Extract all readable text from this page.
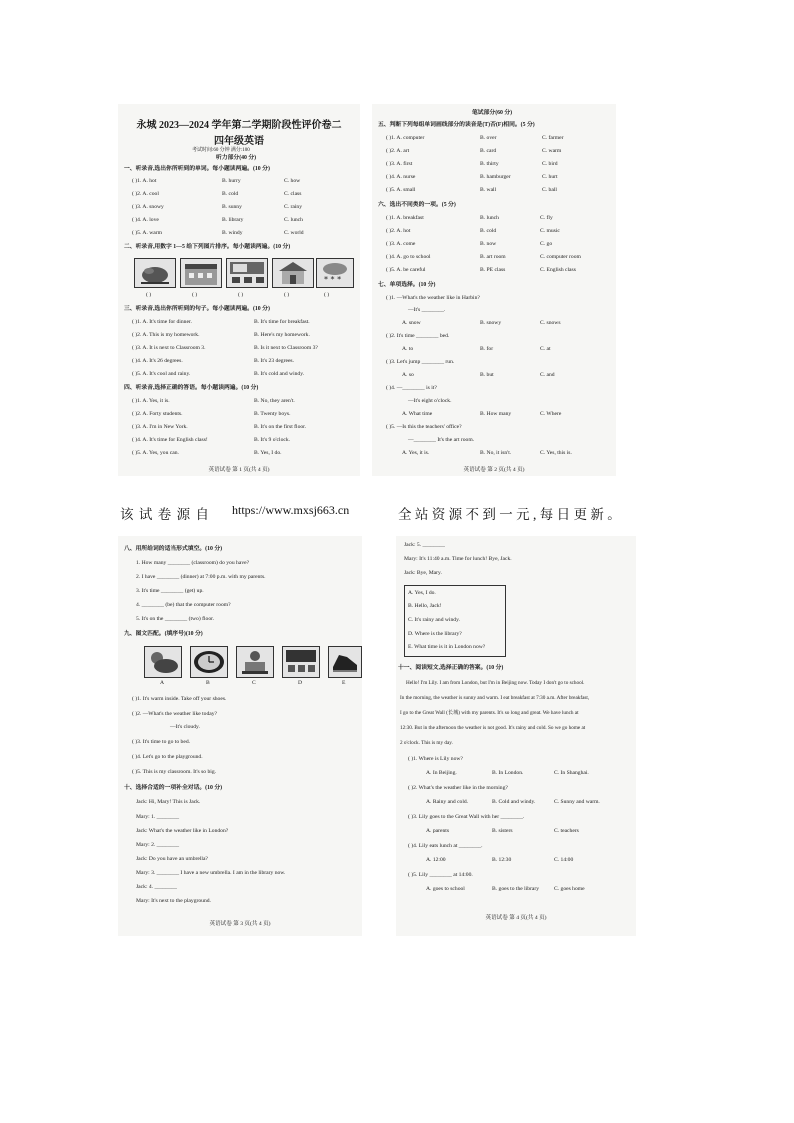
永城 2023—2024 学年第二学期阶段性评价卷二
四年级英语
考试时间:60 分钟 满分:100
听力部分(40 分)
一、听录音,选出你所听到的单词。每小题读两遍。(10 分)
( )1. A. hot	B. hurry	C. how
( )2. A. cool	B. cold	C. class
( )3. A. snowy	B. sunny	C. rainy
( )4. A. love	B. library	C. lunch
( )5. A. warm	B. windy	C. world
二、听录音,用数字 1—5 给下列图片排序。每小题读两遍。(10 分)
* * *
( )	( )	( )	( )	( )
三、听录音,选出你所听到的句子。每小题读两遍。(10 分)
( )1. A. It's time for dinner.	B. It's time for breakfast.
( )2. A. This is my homework.	B. Here's my homework.
( )3. A. It is next to Classroom 3.	B. Is it next to Classroom 3?
( )4. A. It's 26 degrees.	B. It's 23 degrees.
( )5. A. It's cool and rainy.	B. It's cold and windy.
四、听录音,选择正确的答语。每小题读两遍。(10 分)
( )1. A. Yes, it is.	B. No, they aren't.
( )2. A. Forty students.	B. Twenty boys.
( )3. A. I'm in New York.	B. It's on the first floor.
( )4. A. It's time for English class!	B. It's 9 o'clock.
( )5. A. Yes, you can.	B. Yes, I do.
英语试卷 第 1 页(共 4 页)
笔试部分(60 分)
五、判断下列每组单词画线部分的读音是(T)否(F)相同。(5 分)
( )1. A. computer	B. over	C. farmer
( )2. A. art	B. card	C. warm
( )3. A. first	B. thirty	C. bird
( )4. A. nurse	B. hamburger	C. hurt
( )5. A. small	B. wall	C. ball
六、选出不同类的一项。(5 分)
( )1. A. breakfast	B. lunch	C. fly
( )2. A. hot	B. cold	C. music
( )3. A. come	B. now	C. go
( )4. A. go to school	B. art room	C. computer room
( )5. A. be careful	B. PE class	C. English class
七、单项选择。(10 分)
( )1. —What's the weather like in Harbin?
—It's ________.
A. snow	B. snowy	C. snows
( )2. It's time ________ bed.
A. to	B. for	C. at
( )3. Let's jump ________ run.
A. so	B. but	C. and
( )4. —________ is it?
—It's eight o'clock.
A. What time	B. How many	C. Where
( )5. —Is this the teachers' office?
—________ It's the art room.
A. Yes, it is.	B. No, it isn't.	C. Yes, this is.
英语试卷 第 2 页(共 4 页)
该 试 卷 源 自 https://www.mxsj663.cn	全 站 资 源 不 到 一 元 , 每 日 更 新 。
八、用所给词的适当形式填空。(10 分)
1. How many ________ (classroom) do you have?
2. I have ________ (dinner) at 7:00 p.m. with my parents.
3. It's time ________ (get) up.
4. ________ (be) that the computer room?
5. It's on the ________ (two) floor.
九、图文匹配。(填序号)(10 分)
A	B	C	D	E
( )1. It's warm inside. Take off your shoes.
( )2. —What's the weather like today?
—It's cloudy.
( )3. It's time to go to bed.
( )4. Let's go to the playground.
( )5. This is my classroom. It's so big.
十、选择合适的一项补全对话。(10 分)
Jack: Hi, Mary! This is Jack.
Mary: 1. ________
Jack: What's the weather like in London?
Mary: 2. ________
Jack: Do you have an umbrella?
Mary: 3. ________ I have a new umbrella. I am in the library now.
Jack: 4. ________
Mary: It's next to the playground.
英语试卷 第 3 页(共 4 页)
Jack: 5. ________
Mary: It's 11:40 a.m. Time for lunch! Bye, Jack.
Jack: Bye, Mary.
A. Yes, I do.
B. Hello, Jack!
C. It's rainy and windy.
D. Where is the library?
E. What time is it in London now?
十一、阅读短文,选择正确的答案。(10 分)
Hello! I'm Lily. I am from London, but I'm in Beijing now. Today I don't go to school.
In the morning, the weather is sunny and warm. I eat breakfast at 7:30 a.m. After breakfast,
I go to the Great Wall (长城) with my parents. It's so long and great. We have lunch at
12:30. But in the afternoon the weather is not good. It's rainy and cold. So we go home at
2 o'clock. This is my day.
( )1. Where is Lily now?
A. In Beijing.	B. In London.	C. In Shanghai.
( )2. What's the weather like in the morning?
A. Rainy and cold.	B. Cold and windy.	C. Sunny and warm.
( )3. Lily goes to the Great Wall with her ________.
A. parents	B. sisters	C. teachers
( )4. Lily eats lunch at ________.
A. 12:00	B. 12:30	C. 14:00
( )5. Lily ________ at 14:00.
A. goes to school	B. goes to the library	C. goes home
英语试卷 第 4 页(共 4 页)
